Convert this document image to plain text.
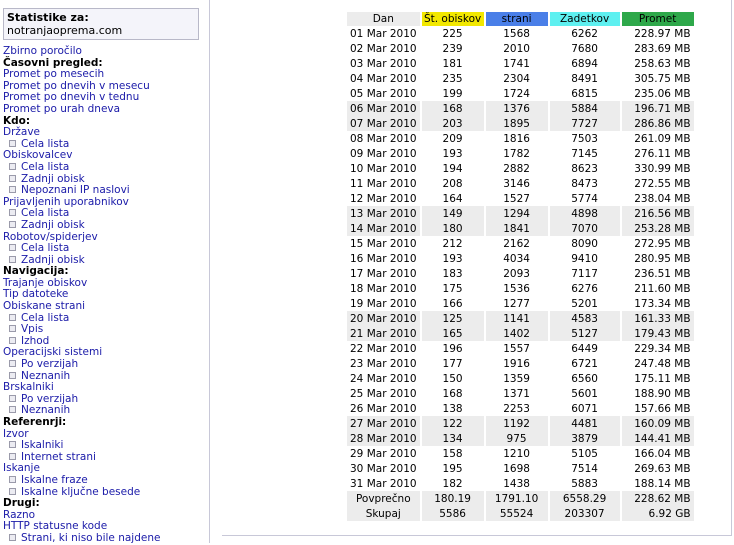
Statistike za:
notranjaoprema.com
Zbirno poročilo
Časovni pregled:
Promet po mesecih
Promet po dnevih v mesecu
Promet po dnevih v tednu
Promet po urah dneva
Kdo:
Države
Cela lista
Obiskovalcev
Cela lista
Zadnji obisk
Nepoznani IP naslovi
Prijavljenih uporabnikov
Cela lista
Zadnji obisk
Robotov/spiderjev
Cela lista
Zadnji obisk
Navigacija:
Trajanje obiskov
Tip datoteke
Obiskane strani
Cela lista
Vpis
Izhod
Operacijski sistemi
Po verzijah
Neznanih
Brskalniki
Po verzijah
Neznanih
Referenrji:
Izvor
Iskalniki
Internet strani
Iskanje
Iskalne fraze
Iskalne ključne besede
Drugi:
Razno
HTTP statusne kode
Strani, ki niso bile najdene
Dan	Št. obiskov	strani	Zadetkov	Promet
01 Mar 2010	225	1568	6262	228.97 MB
02 Mar 2010	239	2010	7680	283.69 MB
03 Mar 2010	181	1741	6894	258.63 MB
04 Mar 2010	235	2304	8491	305.75 MB
05 Mar 2010	199	1724	6815	235.06 MB
06 Mar 2010	168	1376	5884	196.71 MB
07 Mar 2010	203	1895	7727	286.86 MB
08 Mar 2010	209	1816	7503	261.09 MB
09 Mar 2010	193	1782	7145	276.11 MB
10 Mar 2010	194	2882	8623	330.99 MB
11 Mar 2010	208	3146	8473	272.55 MB
12 Mar 2010	164	1527	5774	238.04 MB
13 Mar 2010	149	1294	4898	216.56 MB
14 Mar 2010	180	1841	7070	253.28 MB
15 Mar 2010	212	2162	8090	272.95 MB
16 Mar 2010	193	4034	9410	280.95 MB
17 Mar 2010	183	2093	7117	236.51 MB
18 Mar 2010	175	1536	6276	211.60 MB
19 Mar 2010	166	1277	5201	173.34 MB
20 Mar 2010	125	1141	4583	161.33 MB
21 Mar 2010	165	1402	5127	179.43 MB
22 Mar 2010	196	1557	6449	229.34 MB
23 Mar 2010	177	1916	6721	247.48 MB
24 Mar 2010	150	1359	6560	175.11 MB
25 Mar 2010	168	1371	5601	188.90 MB
26 Mar 2010	138	2253	6071	157.66 MB
27 Mar 2010	122	1192	4481	160.09 MB
28 Mar 2010	134	975	3879	144.41 MB
29 Mar 2010	158	1210	5105	166.04 MB
30 Mar 2010	195	1698	7514	269.63 MB
31 Mar 2010	182	1438	5883	188.14 MB
Povprečno	180.19	1791.10	6558.29	228.62 MB
Skupaj	5586	55524	203307	6.92 GB
